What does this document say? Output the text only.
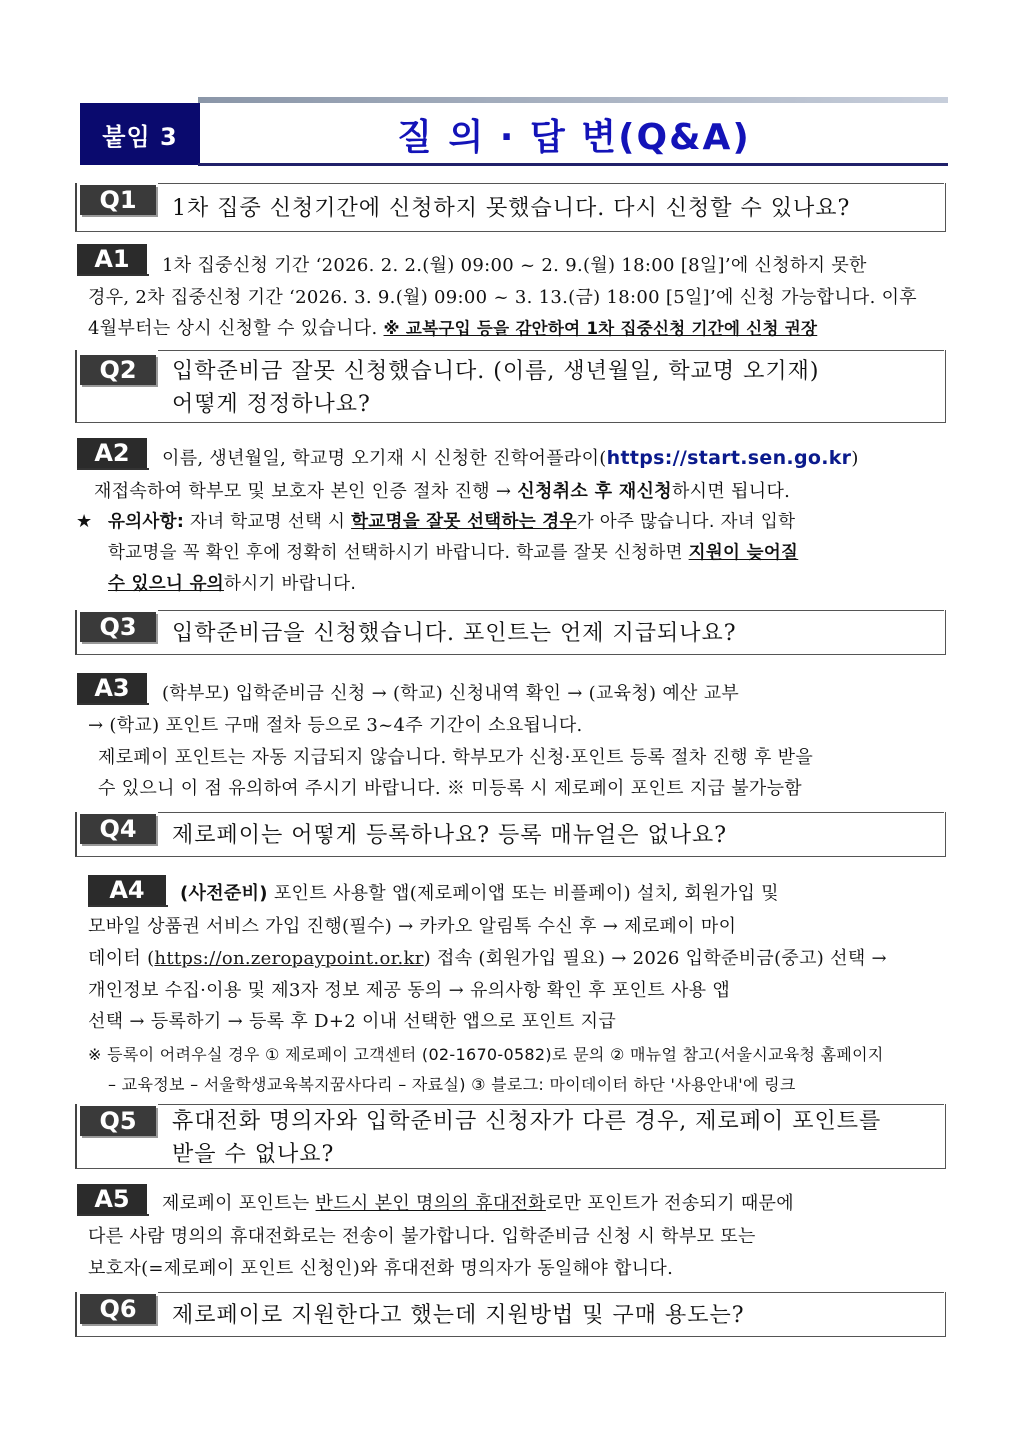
붙임 3	질 의 · 답 변(Q&A)
Q1	1차 집중 신청기간에 신청하지 못했습니다. 다시 신청할 수 있나요?
A1	1차 집중신청 기간 ‘2026. 2. 2.(월) 09:00 ~ 2. 9.(월) 18:00 [8일]’에 신청하지 못한
경우, 2차 집중신청 기간 ‘2026. 3. 9.(월) 09:00 ~ 3. 13.(금) 18:00 [5일]’에 신청 가능합니다. 이후
4월부터는 상시 신청할 수 있습니다. ※ 교복구입 등을 감안하여 1차 집중신청 기간에 신청 권장
Q2	입학준비금 잘못 신청했습니다. (이름, 생년월일, 학교명 오기재)
어떻게 정정하나요?
A2	이름, 생년월일, 학교명 오기재 시 신청한 진학어플라이(https://start.sen.go.kr)
재접속하여 학부모 및 보호자 본인 인증 절차 진행 → 신청취소 후 재신청하시면 됩니다.
★ 유의사항: 자녀 학교명 선택 시 학교명을 잘못 선택하는 경우가 아주 많습니다. 자녀 입학
학교명을 꼭 확인 후에 정확히 선택하시기 바랍니다. 학교를 잘못 신청하면 지원이 늦어질
수 있으니 유의하시기 바랍니다.
Q3	입학준비금을 신청했습니다. 포인트는 언제 지급되나요?
A3	(학부모) 입학준비금 신청 → (학교) 신청내역 확인 → (교육청) 예산 교부
→ (학교) 포인트 구매 절차 등으로 3~4주 기간이 소요됩니다.
제로페이 포인트는 자동 지급되지 않습니다. 학부모가 신청·포인트 등록 절차 진행 후 받을
수 있으니 이 점 유의하여 주시기 바랍니다. ※ 미등록 시 제로페이 포인트 지급 불가능함
Q4	제로페이는 어떻게 등록하나요? 등록 매뉴얼은 없나요?
A4	(사전준비) 포인트 사용할 앱(제로페이앱 또는 비플페이) 설치, 회원가입 및
모바일 상품권 서비스 가입 진행(필수) → 카카오 알림톡 수신 후 → 제로페이 마이
데이터 (https://on.zeropaypoint.or.kr) 접속 (회원가입 필요) → 2026 입학준비금(중고) 선택 →
개인정보 수집·이용 및 제3자 정보 제공 동의 → 유의사항 확인 후 포인트 사용 앱
선택 → 등록하기 → 등록 후 D+2 이내 선택한 앱으로 포인트 지급
※ 등록이 어려우실 경우 ① 제로페이 고객센터 (02-1670-0582)로 문의 ② 매뉴얼 참고(서울시교육청 홈페이지
– 교육정보 – 서울학생교육복지꿈사다리 – 자료실) ③ 블로그: 마이데이터 하단 '사용안내'에 링크
Q5	휴대전화 명의자와 입학준비금 신청자가 다른 경우, 제로페이 포인트를
받을 수 없나요?
A5	제로페이 포인트는 반드시 본인 명의의 휴대전화로만 포인트가 전송되기 때문에
다른 사람 명의의 휴대전화로는 전송이 불가합니다. 입학준비금 신청 시 학부모 또는
보호자(=제로페이 포인트 신청인)와 휴대전화 명의자가 동일해야 합니다.
Q6	제로페이로 지원한다고 했는데 지원방법 및 구매 용도는?
